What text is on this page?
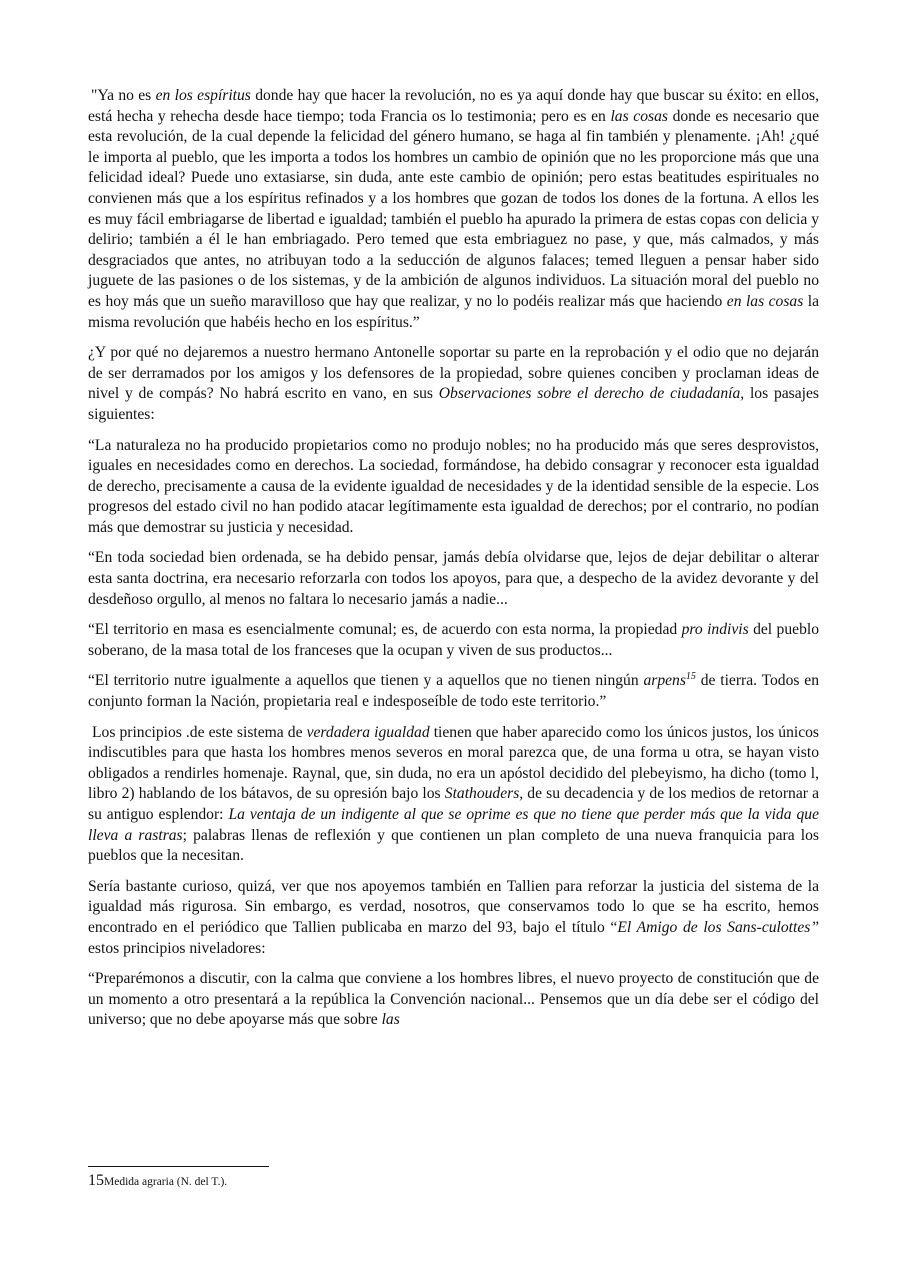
"Ya no es en los espíritus donde hay que hacer la revolución, no es ya aquí donde hay que buscar su éxito: en ellos, está hecha y rehecha desde hace tiempo; toda Francia os lo testimonia; pero es en las cosas donde es necesario que esta revolución, de la cual depende la felicidad del género humano, se haga al fin también y plenamente. ¡Ah! ¿qué le importa al pueblo, que les importa a todos los hombres un cambio de opinión que no les proporcione más que una felicidad ideal? Puede uno extasiarse, sin duda, ante este cambio de opinión; pero estas beatitudes espirituales no convienen más que a los espíritus refinados y a los hombres que gozan de todos los dones de la fortuna. A ellos les es muy fácil embriagarse de libertad e igualdad; también el pueblo ha apurado la primera de estas copas con delicia y delirio; también a él le han embriagado. Pero temed que esta embriaguez no pase, y que, más calmados, y más desgraciados que antes, no atribuyan todo a la seducción de algunos falaces; temed lleguen a pensar haber sido juguete de las pasiones o de los sistemas, y de la ambición de algunos individuos. La situación moral del pueblo no es hoy más que un sueño maravilloso que hay que realizar, y no lo podéis realizar más que haciendo en las cosas la misma revolución que habéis hecho en los espíritus.”

¿Y por qué no dejaremos a nuestro hermano Antonelle soportar su parte en la reprobación y el odio que no dejarán de ser derramados por los amigos y los defensores de la propiedad, sobre quienes conciben y proclaman ideas de nivel y de compás? No habrá escrito en vano, en sus Observaciones sobre el derecho de ciudadanía, los pasajes siguientes:

“La naturaleza no ha producido propietarios como no produjo nobles; no ha producido más que seres desprovistos, iguales en necesidades como en derechos. La sociedad, formándose, ha debido consagrar y reconocer esta igualdad de derecho, precisamente a causa de la evidente igualdad de necesidades y de la identidad sensible de la especie. Los progresos del estado civil no han podido atacar legítimamente esta igualdad de derechos; por el contrario, no podían más que demostrar su justicia y necesidad.

“En toda sociedad bien ordenada, se ha debido pensar, jamás debía olvidarse que, lejos de dejar debilitar o alterar esta santa doctrina, era necesario reforzarla con todos los apoyos, para que, a despecho de la avidez devorante y del desdeñoso orgullo, al menos no faltara lo necesario jamás a nadie...

“El territorio en masa es esencialmente comunal; es, de acuerdo con esta norma, la propiedad pro indivis del pueblo soberano, de la masa total de los franceses que la ocupan y viven de sus productos...

“El territorio nutre igualmente a aquellos que tienen y a aquellos que no tienen ningún arpens$^{15}$ de tierra. Todos en conjunto forman la Nación, propietaria real e indesposeíble de todo este territorio.”

Los principios .de este sistema de verdadera igualdad tienen que haber aparecido como los únicos justos, los únicos indiscutibles para que hasta los hombres menos severos en moral parezca que, de una forma u otra, se hayan visto obligados a rendirles homenaje. Raynal, que, sin duda, no era un apóstol decidido del plebeyismo, ha dicho (tomo l, libro 2) hablando de los bátavos, de su opresión bajo los Stathouders, de su decadencia y de los medios de retornar a su antiguo esplendor: La ventaja de un indigente al que se oprime es que no tiene que perder más que la vida que lleva a rastras; palabras llenas de reflexión y que contienen un plan completo de una nueva franquicia para los pueblos que la necesitan.

Sería bastante curioso, quizá, ver que nos apoyemos también en Tallien para reforzar la justicia del sistema de la igualdad más rigurosa. Sin embargo, es verdad, nosotros, que conservamos todo lo que se ha escrito, hemos encontrado en el periódico que Tallien publicaba en marzo del 93, bajo el título “El Amigo de los Sans-culottes” estos principios niveladores:

“Preparémonos a discutir, con la calma que conviene a los hombres libres, el nuevo proyecto de constitución que de un momento a otro presentará a la república la Convención nacional... Pensemos que un día debe ser el código del universo; que no debe apoyarse más que sobre las

15Medida agraria (N. del T.).
